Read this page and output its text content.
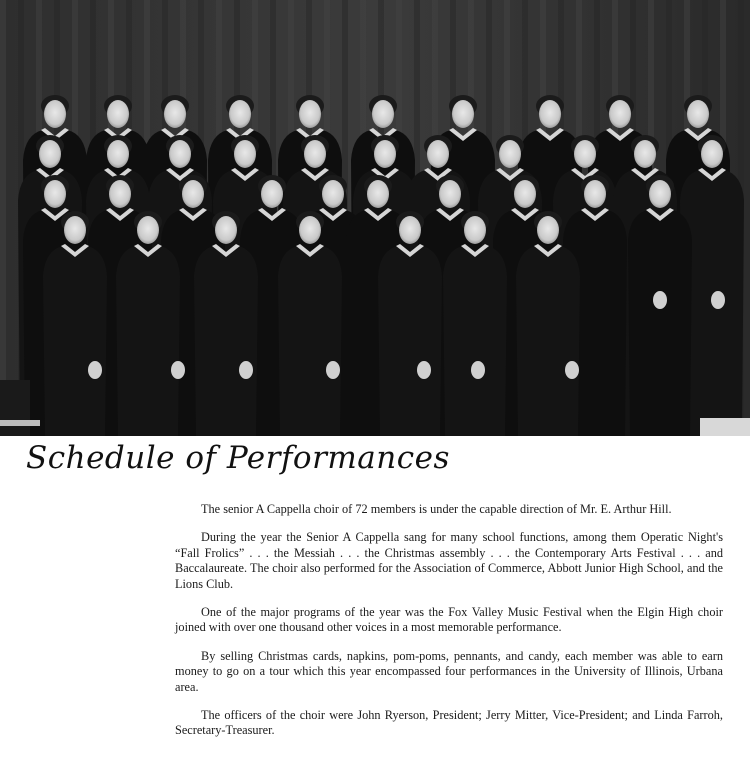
Schedule of Performances

The senior A Cappella choir of 72 members is under the capable direction of Mr. E. Arthur Hill.

During the year the Senior A Cappella sang for many school functions, among them Operatic Night's “Fall Frolics” . . . the Messiah . . . the Christmas assembly . . . the Contemporary Arts Festival . . . and Baccalaureate. The choir also performed for the Association of Commerce, Abbott Junior High School, and the Lions Club.

One of the major programs of the year was the Fox Valley Music Festival when the Elgin High choir joined with over one thousand other voices in a most memorable performance.

By selling Christmas cards, napkins, pom-poms, pennants, and candy, each member was able to earn money to go on a tour which this year encompassed four performances in the University of Illinois, Urbana area.

The officers of the choir were John Ryerson, President; Jerry Mitter, Vice-President; and Linda Farroh, Secretary-Treasurer.
